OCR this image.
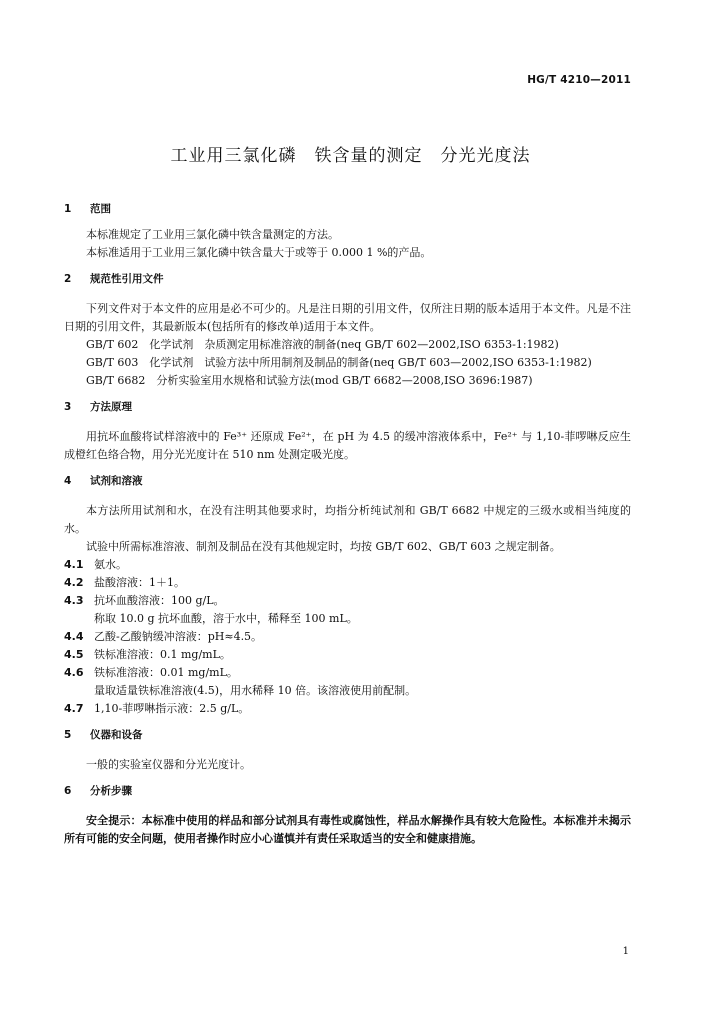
HG/T 4210—2011
工业用三氯化磷　铁含量的测定　分光光度法

1 范围

本标准规定了工业用三氯化磷中铁含量测定的方法。

本标准适用于工业用三氯化磷中铁含量大于或等于 0.000 1 %的产品。

2 规范性引用文件

下列文件对于本文件的应用是必不可少的。凡是注日期的引用文件，仅所注日期的版本适用于本文件。凡是不注日期的引用文件，其最新版本(包括所有的修改单)适用于本文件。

GB/T 602　化学试剂　杂质测定用标准溶液的制备(neq GB/T 602—2002,ISO 6353-1:1982)

GB/T 603　化学试剂　试验方法中所用制剂及制品的制备(neq GB/T 603—2002,ISO 6353-1:1982)

GB/T 6682　分析实验室用水规格和试验方法(mod GB/T 6682—2008,ISO 3696:1987)

3 方法原理

用抗坏血酸将试样溶液中的 Fe³⁺ 还原成 Fe²⁺，在 pH 为 4.5 的缓冲溶液体系中，Fe²⁺ 与 1,10-菲啰啉反应生成橙红色络合物，用分光光度计在 510 nm 处测定吸光度。

4 试剂和溶液

本方法所用试剂和水，在没有注明其他要求时，均指分析纯试剂和 GB/T 6682 中规定的三级水或相当纯度的水。

试验中所需标准溶液、制剂及制品在没有其他规定时，均按 GB/T 602、GB/T 603 之规定制备。

4.1 氨水。

4.2 盐酸溶液：1＋1。

4.3 抗坏血酸溶液：100 g/L。

称取 10.0 g 抗坏血酸，溶于水中，稀释至 100 mL。

4.4 乙酸-乙酸钠缓冲溶液：pH≈4.5。

4.5 铁标准溶液：0.1 mg/mL。

4.6 铁标准溶液：0.01 mg/mL。

量取适量铁标准溶液(4.5)，用水稀释 10 倍。该溶液使用前配制。

4.7 1,10-菲啰啉指示液：2.5 g/L。

5 仪器和设备

一般的实验室仪器和分光光度计。

6 分析步骤

安全提示：本标准中使用的样品和部分试剂具有毒性或腐蚀性，样品水解操作具有较大危险性。本标准并未揭示所有可能的安全问题，使用者操作时应小心谨慎并有责任采取适当的安全和健康措施。

1
